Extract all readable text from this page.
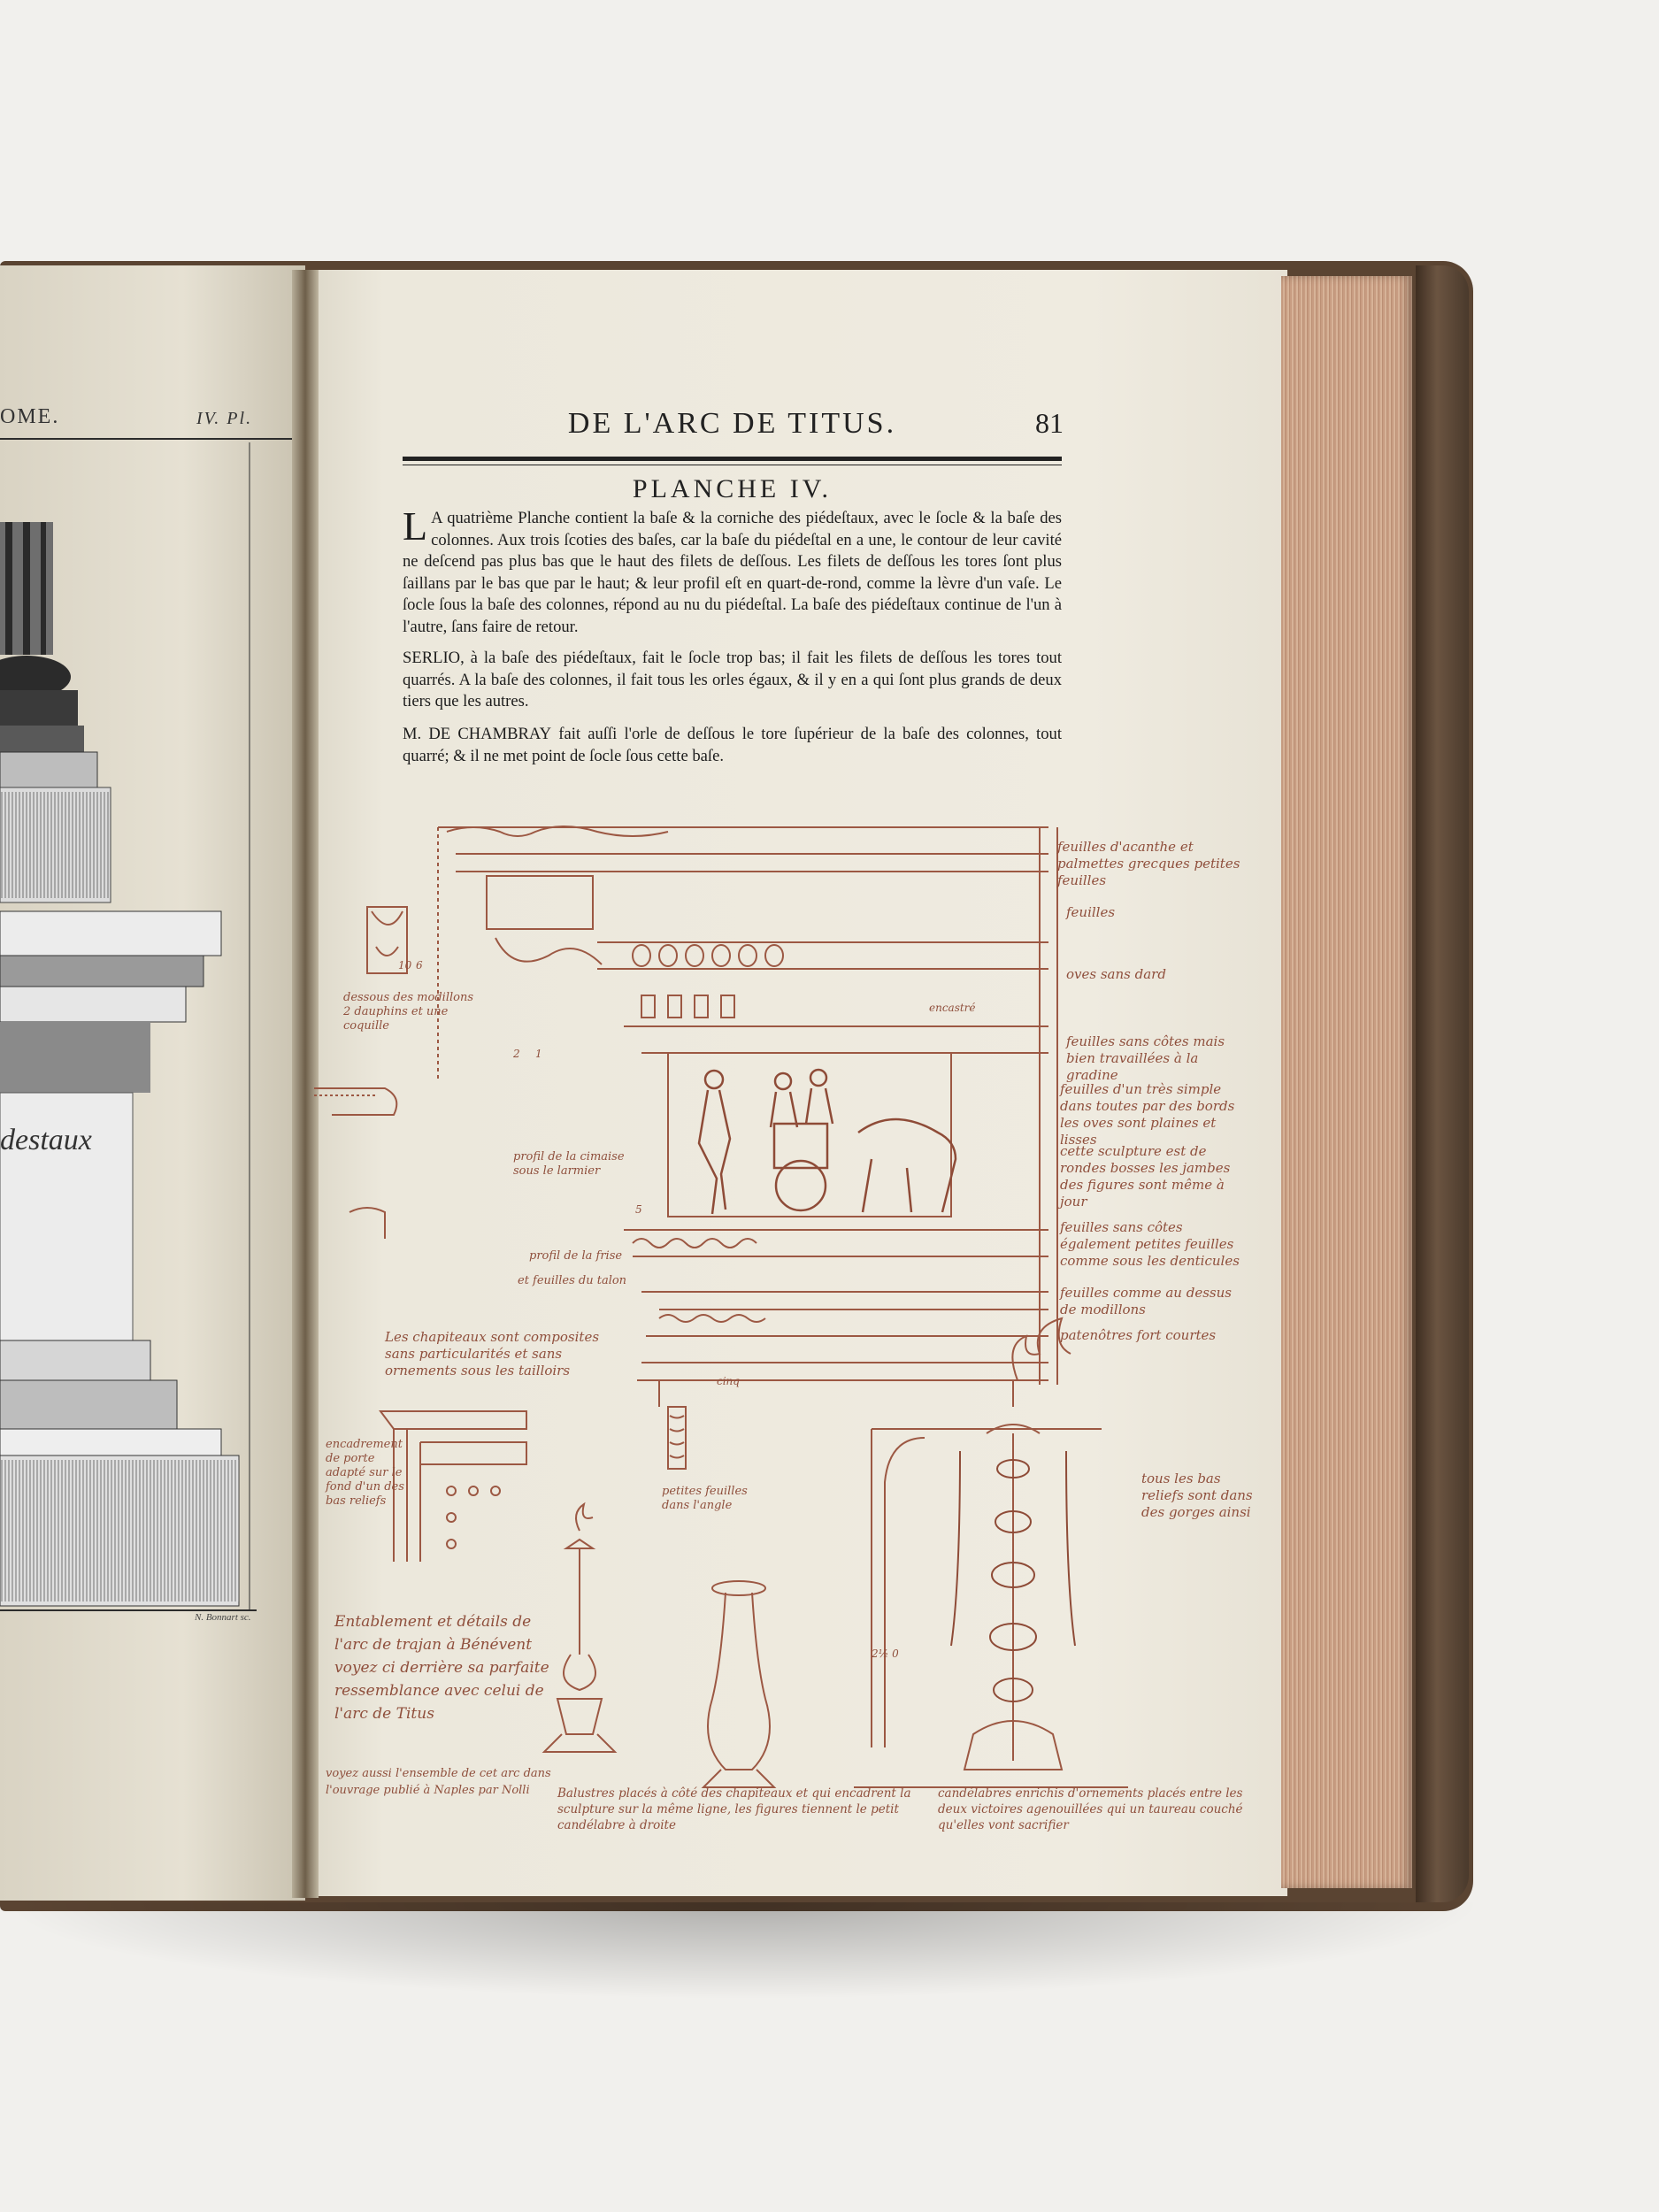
OME.	IV. Pl.
destaux
N. Bonnart sc.
DE L'ARC DE TITUS.	81
PLANCHE IV.
L A quatrième Planche contient la baſe & la corniche des piédeſtaux, avec le ſocle & la baſe des colonnes. Aux trois ſcoties des baſes, car la baſe du piédeſtal en a une, le contour de leur cavité ne deſcend pas plus bas que le haut des filets de deſſous. Les filets de deſſous les tores ſont plus ſaillans par le bas que par le haut; & leur profil eſt en quart-de-rond, comme la lèvre d'un vaſe. Le ſocle ſous la baſe des colonnes, répond au nu du piédeſtal. La baſe des piédeſtaux continue de l'un à l'autre, ſans faire de retour.
SERLIO, à la baſe des piédeſtaux, fait le ſocle trop bas; il fait les filets de deſſous les tores tout quarrés. A la baſe des colonnes, il fait tous les orles égaux, & il y en a qui ſont plus grands de deux tiers que les autres.
M. DE CHAMBRAY fait auſſi l'orle de deſſous le tore ſupérieur de la baſe des colonnes, tout quarré; & il ne met point de ſocle ſous cette baſe.
feuilles d'acanthe et palmettes grecques petites feuilles
feuilles
oves sans dard
feuilles sans côtes mais bien travaillées à la gradine
feuilles d'un très simple dans toutes par des bords les oves sont plaines et lisses
cette sculpture est de rondes bosses les jambes des figures sont même à jour
feuilles sans côtes également petites feuilles comme sous les denticules
feuilles comme au dessus de modillons
patenôtres fort courtes
dessous des modillons 2 dauphins et une coquille
profil de la cimaise sous le larmier
profil de la frise
et feuilles du talon
Les chapiteaux sont composites sans particularités et sans ornements sous les tailloirs
encadrement de porte adapté sur le fond d'un des bas reliefs
petites feuilles dans l'angle
tous les bas reliefs sont dans des gorges ainsi
Entablement et détails de l'arc de trajan à Bénévent voyez ci derrière sa parfaite ressemblance avec celui de l'arc de Titus
voyez aussi l'ensemble de cet arc dans l'ouvrage publié à Naples par Nolli	Balustres placés à côté des chapiteaux et qui encadrent la sculpture sur la même ligne, les figures tiennent le petit candélabre à droite
candélabres enrichis d'ornements placés entre les deux victoires agenouillées qui un taureau couché qu'elles vont sacrifier
encastré
cinq
10 6
2 1
5
2½ 0
